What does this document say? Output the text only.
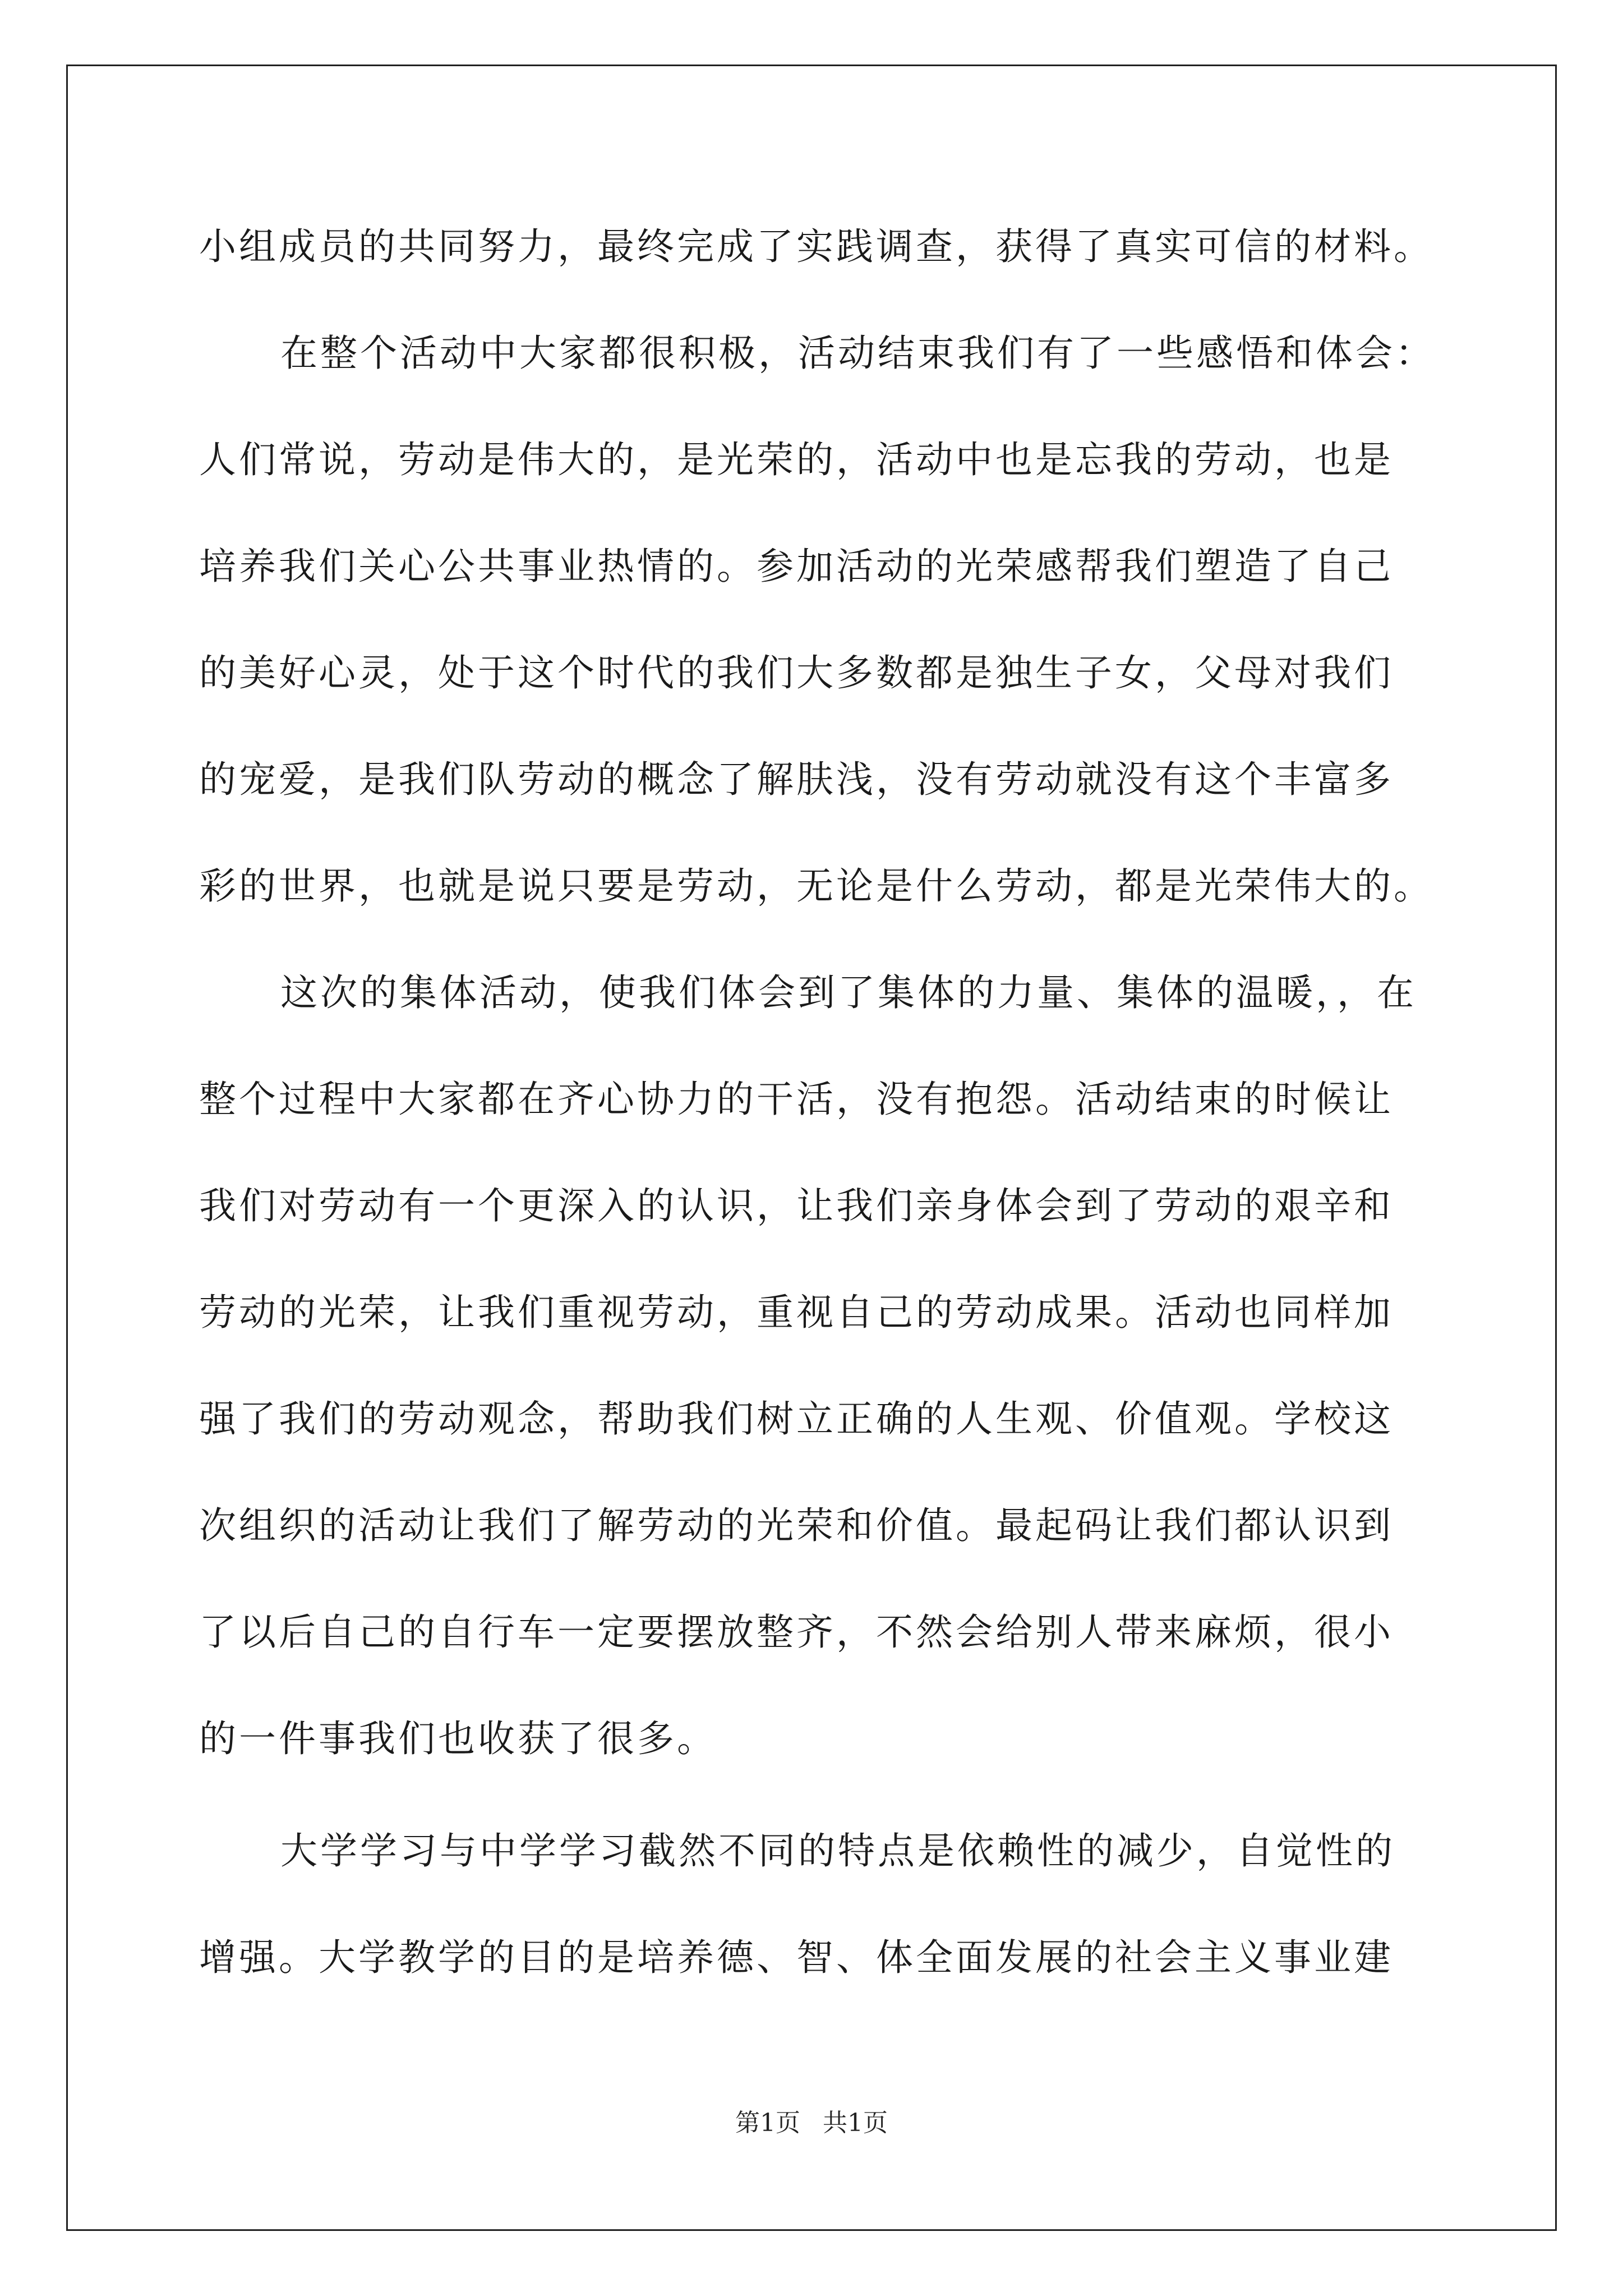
小组成员的共同努力，最终完成了实践调查，获得了真实可信的材料。
在整个活动中大家都很积极，活动结束我们有了一些感悟和体会：
人们常说，劳动是伟大的，是光荣的，活动中也是忘我的劳动，也是
培养我们关心公共事业热情的。参加活动的光荣感帮我们塑造了自己
的美好心灵，处于这个时代的我们大多数都是独生子女，父母对我们
的宠爱，是我们队劳动的概念了解肤浅，没有劳动就没有这个丰富多
彩的世界，也就是说只要是劳动，无论是什么劳动，都是光荣伟大的。
这次的集体活动，使我们体会到了集体的力量、集体的温暖，，在
整个过程中大家都在齐心协力的干活，没有抱怨。活动结束的时候让
我们对劳动有一个更深入的认识，让我们亲身体会到了劳动的艰辛和
劳动的光荣，让我们重视劳动，重视自己的劳动成果。活动也同样加
强了我们的劳动观念，帮助我们树立正确的人生观、价值观。学校这
次组织的活动让我们了解劳动的光荣和价值。最起码让我们都认识到
了以后自己的自行车一定要摆放整齐，不然会给别人带来麻烦，很小
的一件事我们也收获了很多。
大学学习与中学学习截然不同的特点是依赖性的减少，自觉性的
增强。大学教学的目的是培养德、智、体全面发展的社会主义事业建
第1页 共1页
